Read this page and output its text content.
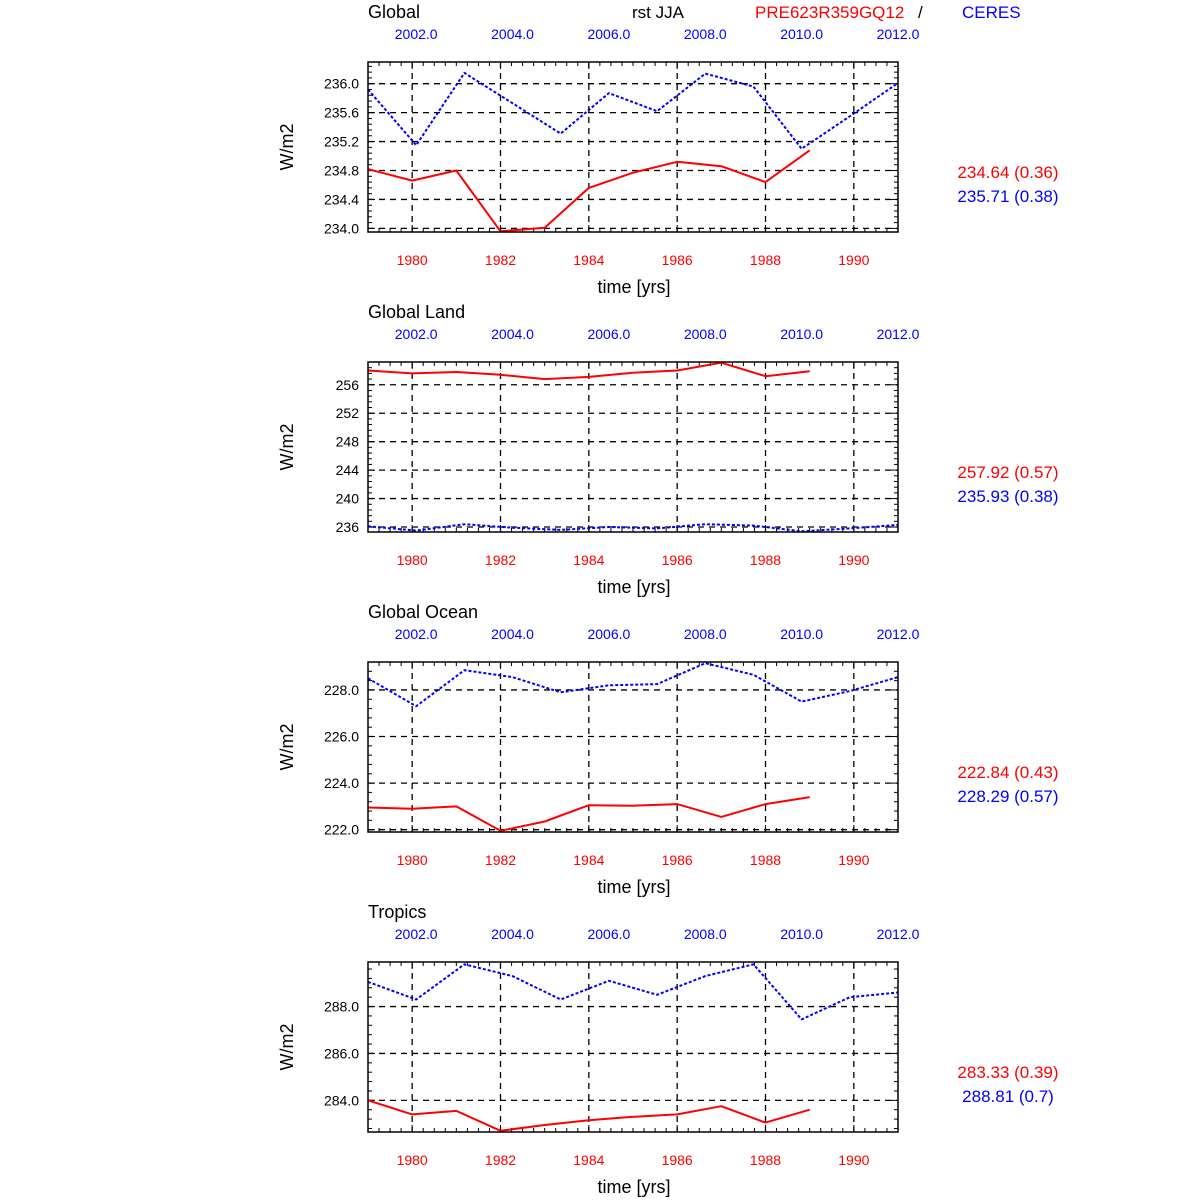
rst JJA	PRE623R359GQ12 / CERES
Global
2002.0	2004.0	2006.0	2008.0	2010.0	2012.0
234.0
234.4
234.8
235.2
235.6
236.0
1980	1982	1984	1986	1988	1990
time [yrs]
W/m2
234.64 (0.36)
235.71 (0.38)
Global Land
2002.0	2004.0	2006.0	2008.0	2010.0	2012.0
236
240
244
248
252
256
1980	1982	1984	1986	1988	1990
time [yrs]
W/m2
257.92 (0.57)
235.93 (0.38)
Global Ocean
2002.0	2004.0	2006.0	2008.0	2010.0	2012.0
222.0
224.0
226.0
228.0
1980	1982	1984	1986	1988	1990
time [yrs]
W/m2
222.84 (0.43)
228.29 (0.57)
Tropics
2002.0	2004.0	2006.0	2008.0	2010.0	2012.0
284.0
286.0
288.0
1980	1982	1984	1986	1988	1990
time [yrs]
W/m2
283.33 (0.39)
288.81 (0.7)
